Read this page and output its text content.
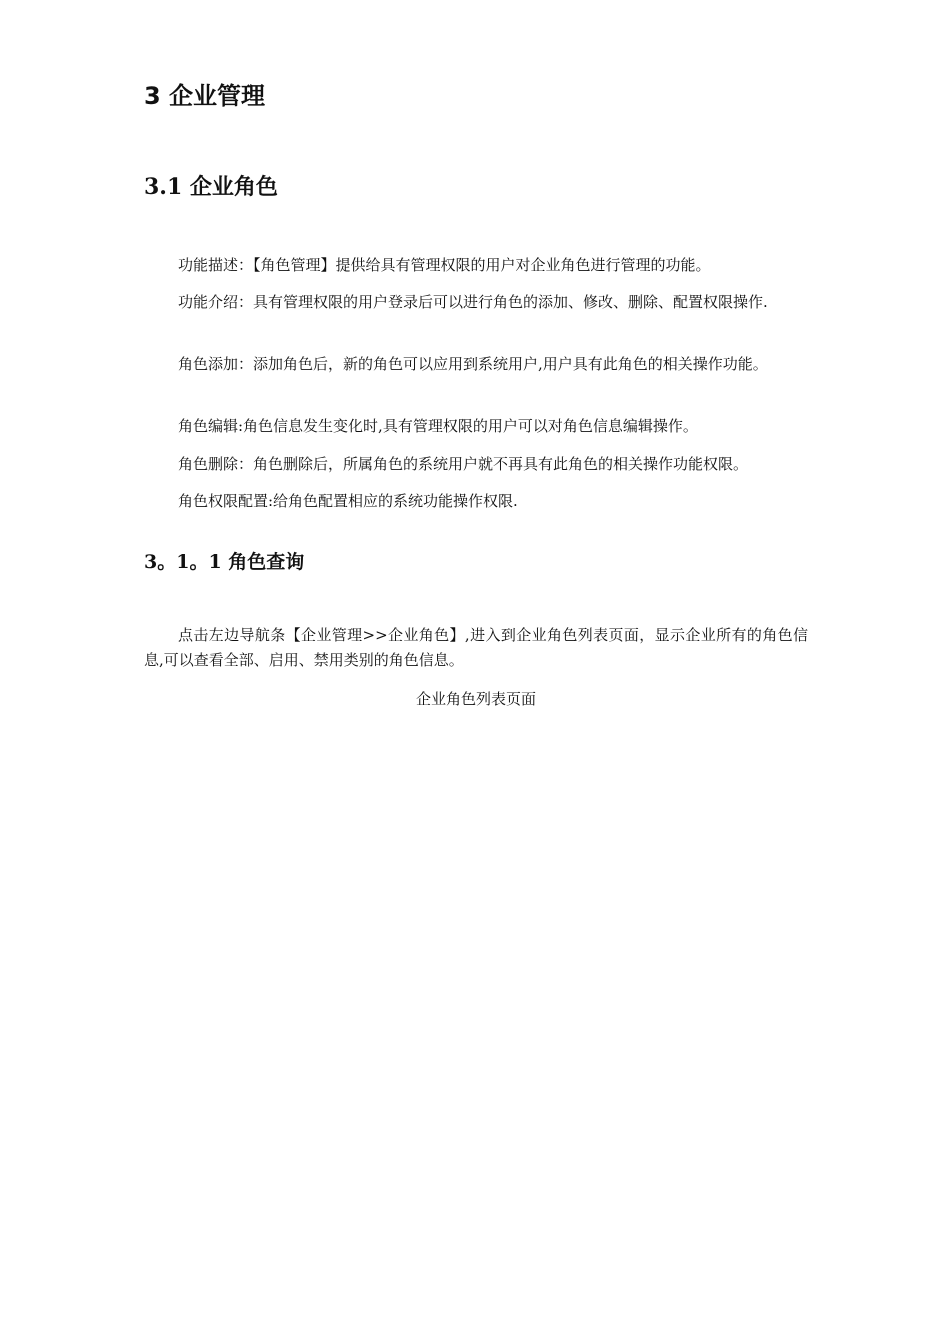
3 企业管理
3.1 企业角色

功能描述：【角色管理】提供给具有管理权限的用户对企业角色进行管理的功能。

功能介绍：具有管理权限的用户登录后可以进行角色的添加、修改、删除、配置权限操作.

角色添加：添加角色后，新的角色可以应用到系统用户,用户具有此角色的相关操作功能。

角色编辑:角色信息发生变化时,具有管理权限的用户可以对角色信息编辑操作。

角色删除：角色删除后，所属角色的系统用户就不再具有此角色的相关操作功能权限。

角色权限配置:给角色配置相应的系统功能操作权限.

3。1。1 角色查询

点击左边导航条【企业管理>>企业角色】,进入到企业角色列表页面，显示企业所有的角色信息,可以查看全部、启用、禁用类别的角色信息。

企业角色列表页面
